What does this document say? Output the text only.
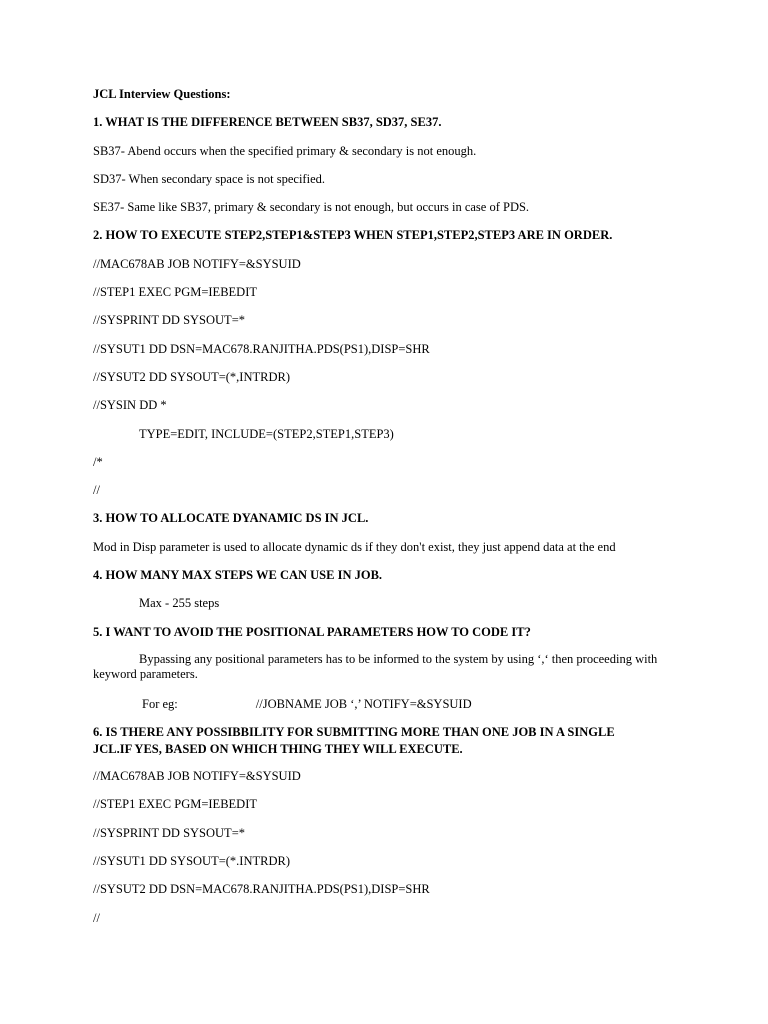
JCL Interview Questions:
1. WHAT IS THE DIFFERENCE BETWEEN SB37, SD37, SE37.
SB37- Abend occurs when the specified primary & secondary is not enough.
SD37- When secondary space is not specified.
SE37- Same like SB37, primary & secondary is not enough, but occurs in case of PDS.
2. HOW TO EXECUTE STEP2,STEP1&STEP3 WHEN STEP1,STEP2,STEP3 ARE IN ORDER.
//MAC678AB JOB NOTIFY=&SYSUID
//STEP1 EXEC PGM=IEBEDIT
//SYSPRINT DD SYSOUT=*
//SYSUT1 DD DSN=MAC678.RANJITHA.PDS(PS1),DISP=SHR
//SYSUT2 DD SYSOUT=(*,INTRDR)
//SYSIN DD *
TYPE=EDIT, INCLUDE=(STEP2,STEP1,STEP3)
/*
//
3. HOW TO ALLOCATE DYANAMIC DS IN JCL.
Mod in Disp parameter is used to allocate dynamic ds if they don't exist, they just append data at the end
4. HOW MANY MAX STEPS WE CAN USE IN JOB.
Max - 255 steps
5. I WANT TO AVOID THE POSITIONAL PARAMETERS HOW TO CODE IT?
Bypassing any positional parameters has to be informed to the system by using ‘,‘ then proceeding with keyword parameters.
For eg:	//JOBNAME JOB ‘,’ NOTIFY=&SYSUID
6. IS THERE ANY POSSIBBILITY FOR SUBMITTING MORE THAN ONE JOB IN A SINGLE
JCL.IF YES, BASED ON WHICH THING THEY WILL EXECUTE.
//MAC678AB JOB NOTIFY=&SYSUID
//STEP1 EXEC PGM=IEBEDIT
//SYSPRINT DD SYSOUT=*
//SYSUT1 DD SYSOUT=(*.INTRDR)
//SYSUT2 DD DSN=MAC678.RANJITHA.PDS(PS1),DISP=SHR
//
